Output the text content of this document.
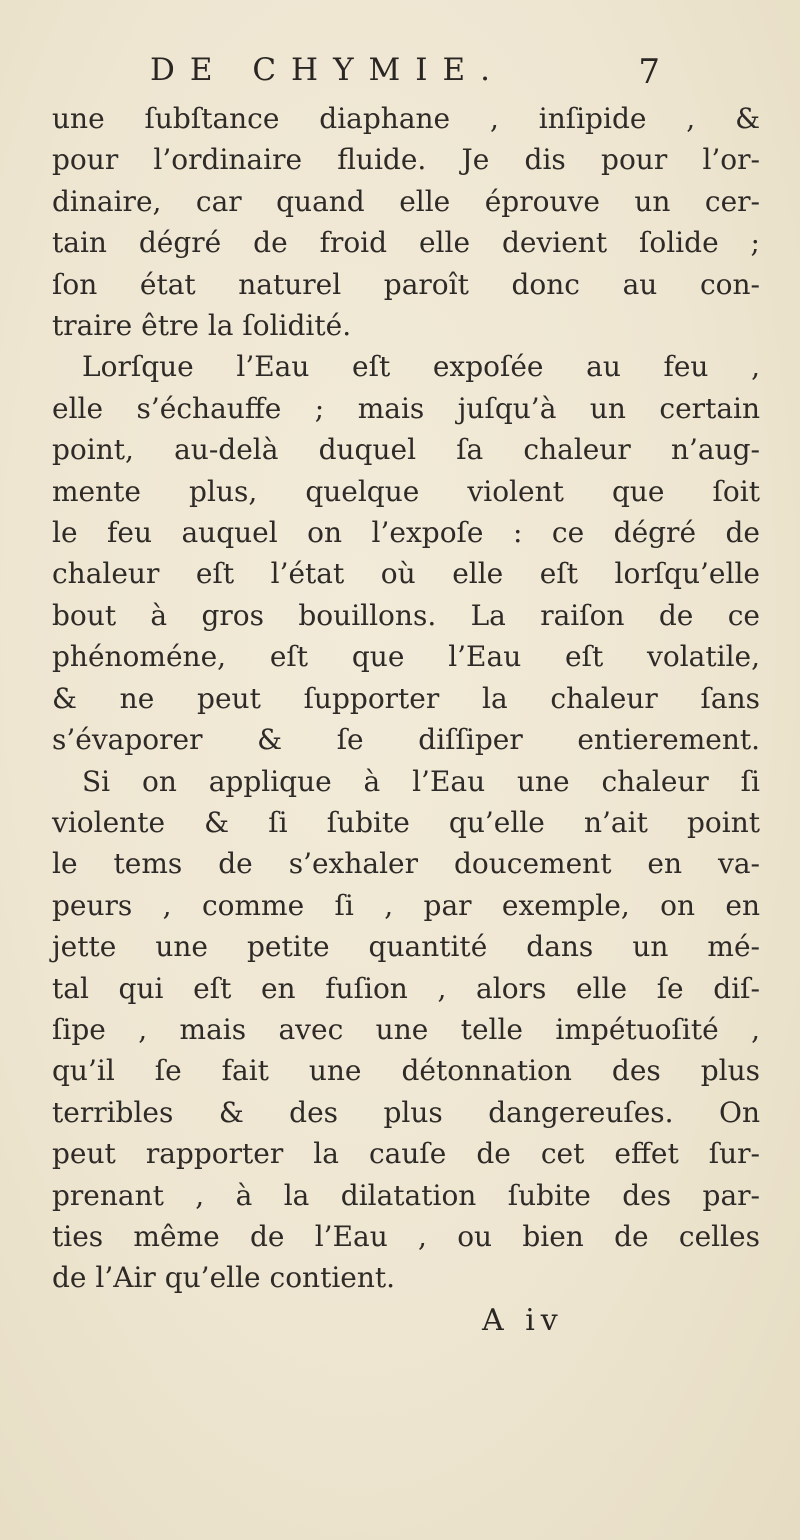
DE CHYMIE.	7
une ſubſtance diaphane , inſipide , &
pour l’ordinaire fluide. Je dis pour l’or-
dinaire, car quand elle éprouve un cer-
tain dégré de froid elle devient ſolide ;
ſon état naturel paroît donc au con-
traire être la ſolidité.
Lorſque l’Eau eſt expoſée au feu ,
elle s’échauffe ; mais juſqu’à un certain
point, au-delà duquel ſa chaleur n’aug-
mente plus, quelque violent que ſoit
le feu auquel on l’expoſe : ce dégré de
chaleur eſt l’état où elle eſt lorſqu’elle
bout à gros bouillons. La raiſon de ce
phénoméne, eſt que l’Eau eſt volatile,
& ne peut ſupporter la chaleur ſans
s’évaporer & ſe diſſiper entierement.
Si on applique à l’Eau une chaleur ſi
violente & ſi ſubite qu’elle n’ait point
le tems de s’exhaler doucement en va-
peurs , comme ſi , par exemple, on en
jette une petite quantité dans un mé-
tal qui eſt en fuſion , alors elle ſe diſ-
ſipe , mais avec une telle impétuoſité ,
qu’il ſe fait une détonnation des plus
terribles & des plus dangereuſes. On
peut rapporter la cauſe de cet effet ſur-
prenant , à la dilatation ſubite des par-
ties même de l’Eau , ou bien de celles
de l’Air qu’elle contient.
A iv
